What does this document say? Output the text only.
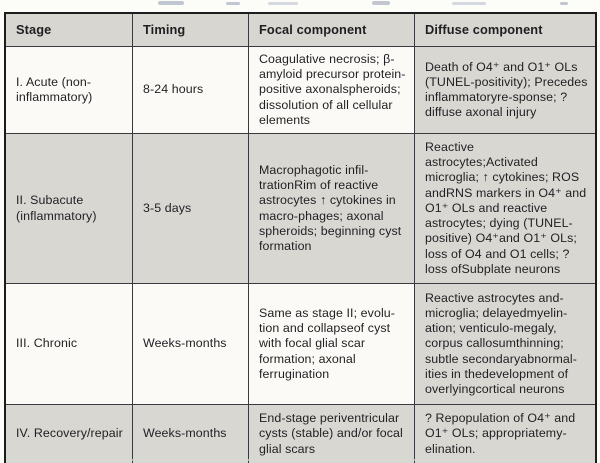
Stage	Timing	Focal component	Diffuse component
I. Acute (non-inflammatory)	8-24 hours	Coagulative necrosis; β-amyloid precursor protein-positive axonalspheroids; dissolution of all cellular elements	Death of O4⁺ and O1⁺ OLs (TUNEL-positivity); Precedes inflammatoryre-sponse; ? diffuse axonal injury
II. Subacute (inflammatory)	3-5 days	Macrophagotic infil-trationRim of reactive astrocytes ↑ cytokines in macro-phages; axonal spheroids; beginning cyst formation	Reactive astrocytes;Activated microglia; ↑ cytokines; ROS andRNS markers in O4⁺ and O1⁺ OLs and reactive astrocytes; dying (TUNEL-positive) O4⁺and O1⁺ OLs; loss of O4 and O1 cells; ? loss ofSubplate neurons
III. Chronic	Weeks-months	Same as stage II; evolu-tion and collapseof cyst with focal glial scar formation; axonal ferrugination	Reactive astrocytes and-microglia; delayedmyelin-ation; venticulo-megaly, corpus callosumthinning; subtle secondaryabnormal-ities in thedevelopment of overlyingcortical neurons
IV. Recovery/repair	Weeks-months	End-stage periventricular cysts (stable) and/or focal glial scars	? Repopulation of O4⁺ and O1⁺ OLs; appropriatemy-elination.
